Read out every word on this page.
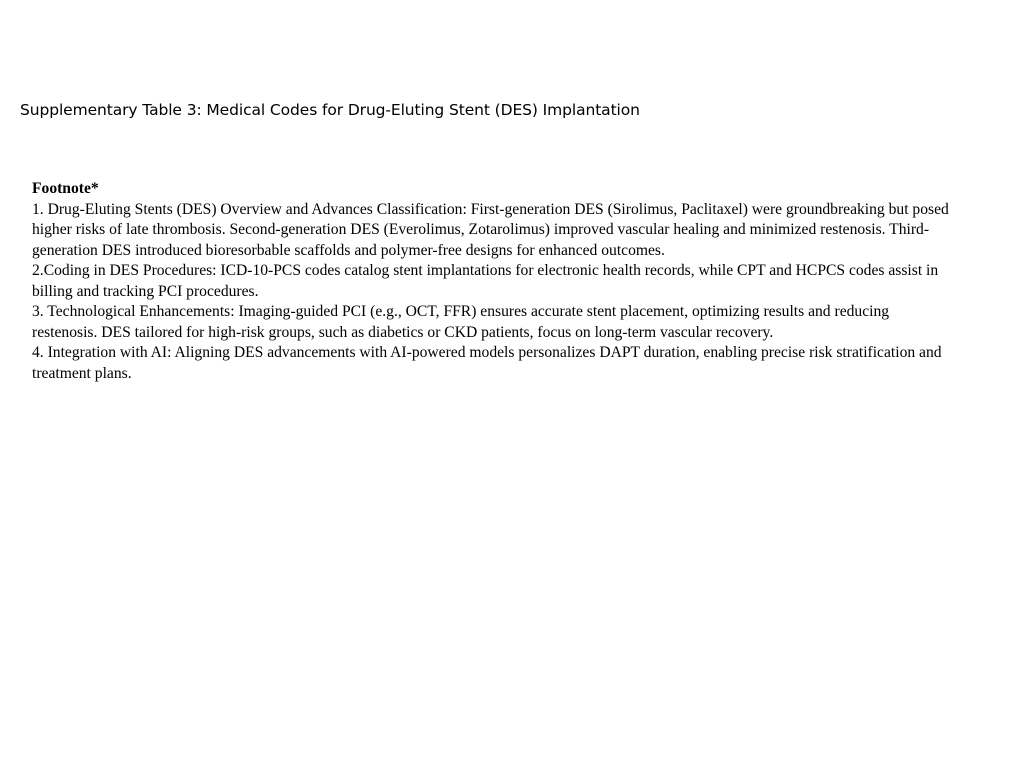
Supplementary Table 3: Medical Codes for Drug-Eluting Stent (DES) Implantation

Footnote*

1. Drug-Eluting Stents (DES) Overview and Advances Classification: First-generation DES (Sirolimus, Paclitaxel) were groundbreaking but posed higher risks of late thrombosis. Second-generation DES (Everolimus, Zotarolimus) improved vascular healing and minimized restenosis. Third-generation DES introduced bioresorbable scaffolds and polymer-free designs for enhanced outcomes.

2.Coding in DES Procedures: ICD-10-PCS codes catalog stent implantations for electronic health records, while CPT and HCPCS codes assist in billing and tracking PCI procedures.

3. Technological Enhancements: Imaging-guided PCI (e.g., OCT, FFR) ensures accurate stent placement, optimizing results and reducing restenosis. DES tailored for high-risk groups, such as diabetics or CKD patients, focus on long-term vascular recovery.

4. Integration with AI: Aligning DES advancements with AI-powered models personalizes DAPT duration, enabling precise risk stratification and treatment plans.
